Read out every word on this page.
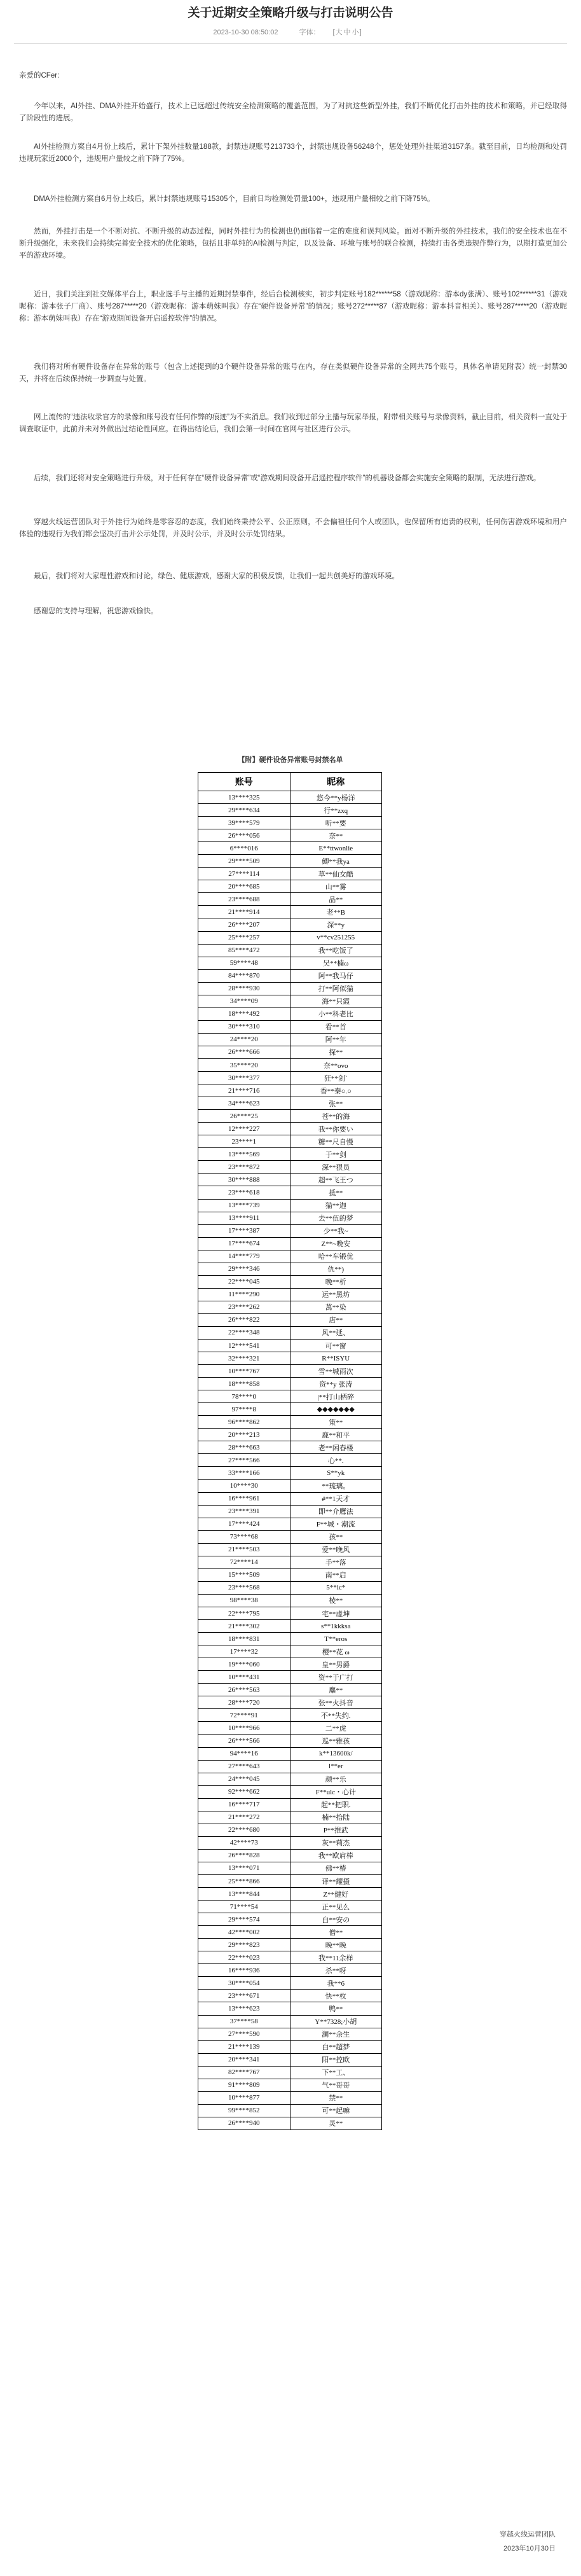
关于近期安全策略升级与打击说明公告
2023-10-30 08:50:02	字体： [大 中 小]
亲爱的CFer:
今年以来，AI外挂、DMA外挂开始盛行，技术上已远超过传统安全检测策略的覆盖范围，为了对抗这些新型外挂，我们不断优化打击外挂的技术和策略，并已经取得了阶段性的进展。
AI外挂检测方案自4月份上线后，累计下架外挂数量188款，封禁违规账号213733个，封禁违规设备56248个，惩处处理外挂渠道3157条。截至目前，日均检测和处罚违规玩家近2000个，违规用户量较之前下降了75%。
DMA外挂检测方案自6月份上线后，累计封禁违规账号15305个，目前日均检测处罚量100+，违规用户量相较之前下降75%。
然而，外挂打击是一个不断对抗、不断升级的动态过程，同时外挂行为的检测也仍面临着一定的难度和误判风险。面对不断升级的外挂技术，我们的安全技术也在不断升级强化，未来我们会持续完善安全技术的优化策略，包括且非单纯的AI检测与判定，以及设备、环境与账号的联合检测，持续打击各类违规作弊行为，以期打造更加公平的游戏环境。
近日，我们关注到社交媒体平台上，职业选手与主播的近期封禁事件，经后台检测核实，初步判定账号182******58（游戏昵称：游本dy张满）、账号102******31（游戏昵称：游本张子厂商）、账号287*****20（游戏昵称：游本萌妹叫我）存在“硬件设备异常”的情况；账号272*****87（游戏昵称：游本抖音相关）、账号287*****20（游戏昵称：游本萌妹叫我）存在“游戏期间设备开启遥控软件”的情况。
我们将对所有硬件设备存在异常的账号（包含上述提到的3个硬件设备异常的账号在内，存在类似硬件设备异常的全网共75个账号，具体名单请见附表）统一封禁30天，并将在后续保持统一步调查与处置。
网上流传的“违法收录官方的录像和账号没有任何作弊的痕迹”为不实消息。我们收到过部分主播与玩家举报，附带相关账号与录像资料，截止目前，相关资料一直处于调查取证中，此前并未对外做出过结论性回应。在得出结论后，我们会第一时间在官网与社区进行公示。
后续，我们还将对安全策略进行升级，对于任何存在“硬件设备异常”或“游戏期间设备开启遥控程序软件”的机器设备都会实施安全策略的限制，无法进行游戏。
穿越火线运营团队对于外挂行为始终是零容忍的态度，我们始终秉持公平、公正原则，不会偏袒任何个人或团队，也保留所有追责的权利，任何伤害游戏环境和用户体验的违规行为我们都会坚决打击并公示处罚，并及时公示，并及时公示处罚结果。
最后，我们将对大家理性游戏和讨论，绿色、健康游戏，感谢大家的积极反馈，让我们一起共创美好的游戏环境。
感谢您的支持与理解，祝您游戏愉快。
【附】硬件设备异常账号封禁名单
账号	昵称
13****325	悠今**y杨洋
29****634	行**zxq
39****579	听**要
26****056	奈**
6****016	E**ttwonlie
29****509	鲫**我ya
27****114	草**仙女酷
20****685	山**雾
23****688	品**
21****914	老**B
26****207	深**y
25****257	v**cv251255
85****472	我**吃饭了
59****48	吴**楠ω
84****870	阿**我马仔
28****930	打**阿似猫
34****09	海**只霞
18****492	小**科老比
30****310	看**首
24****20	阿**年
26****666	探**
35****20	奈**ovo
30****377	狂**剑`
21****716	香**秦○.○
34****623	张**
26****25	苍**的海
12****227	我**你要い
23****1	糖**尺自慢
13****569	于**剑
23****872	深**狠员
30****888	超**飞王つ
23****618	抵**
13****739	猫**迦
13****911	去**伍的梦
17****387	少**我~
17****674	Z**~晚安
14****779	哈**车锻优
29****346	仇**)
22****045	晚**析
11****290	运**黑坊
23****262	萬**染
26****822	店**
22****348	风**延、
12****541	可**窗
32****321	R**ISYU
10****767	雪**城雨次
18****858	资**y 张涛
78****0	|**打山栖碎
97****8	◆◆◆◆◆◆◆
96****862	策**
20****213	鹿**和平
28****663	老**闲春楼
27****566	心**.
33****166	S**yk
10****30	**琉璃。
16****961	#**1天才
23****391	即**介鹰法
17****424	F**城・潮流
73****68	孩**
21****503	爱**晚风
72****14	手**落
15****509	南**启
23****568	5**ic*
98****38	棱**
22****795	宅**虚坤
21****302	s**1kkksa
18****831	T**eros
17****32	樱**花 ω
19****060	皇**男爵
10****431	资**于广打
26****563	麋**
28****720	张**火抖音
72****91	不**失约.
10****966	二**虎
26****566	巡**雅孩
94****16	k**13600k/
27****643	l**er
24****045	颜**乐
92****662	F**ulc・心计
16****717	起**把职.
21****272	楠**拾陆
22****680	P**推武
42****73	灰**莉杰
26****828	我**欧肩棒
13****071	佛**椿
25****866	译**耀摄
13****844	Z**健好
71****54	正**见么
29****574	白**安の
42****002	僧**
29****823	晚**晚
22****023	我**11余样
16****936	杀**呀
30****054	我**6
23****671	快**枚
13****623	鸭**
37****58	Y**7328;小胡
27****590	澜**余生
21****139	白**超梦
20****341	阳**控欧
82****767	下**工、
91****809	气**哥哥
10****877	禁**
99****852	可**起嘛
26****940	灵**
穿越火线运营团队
2023年10月30日
